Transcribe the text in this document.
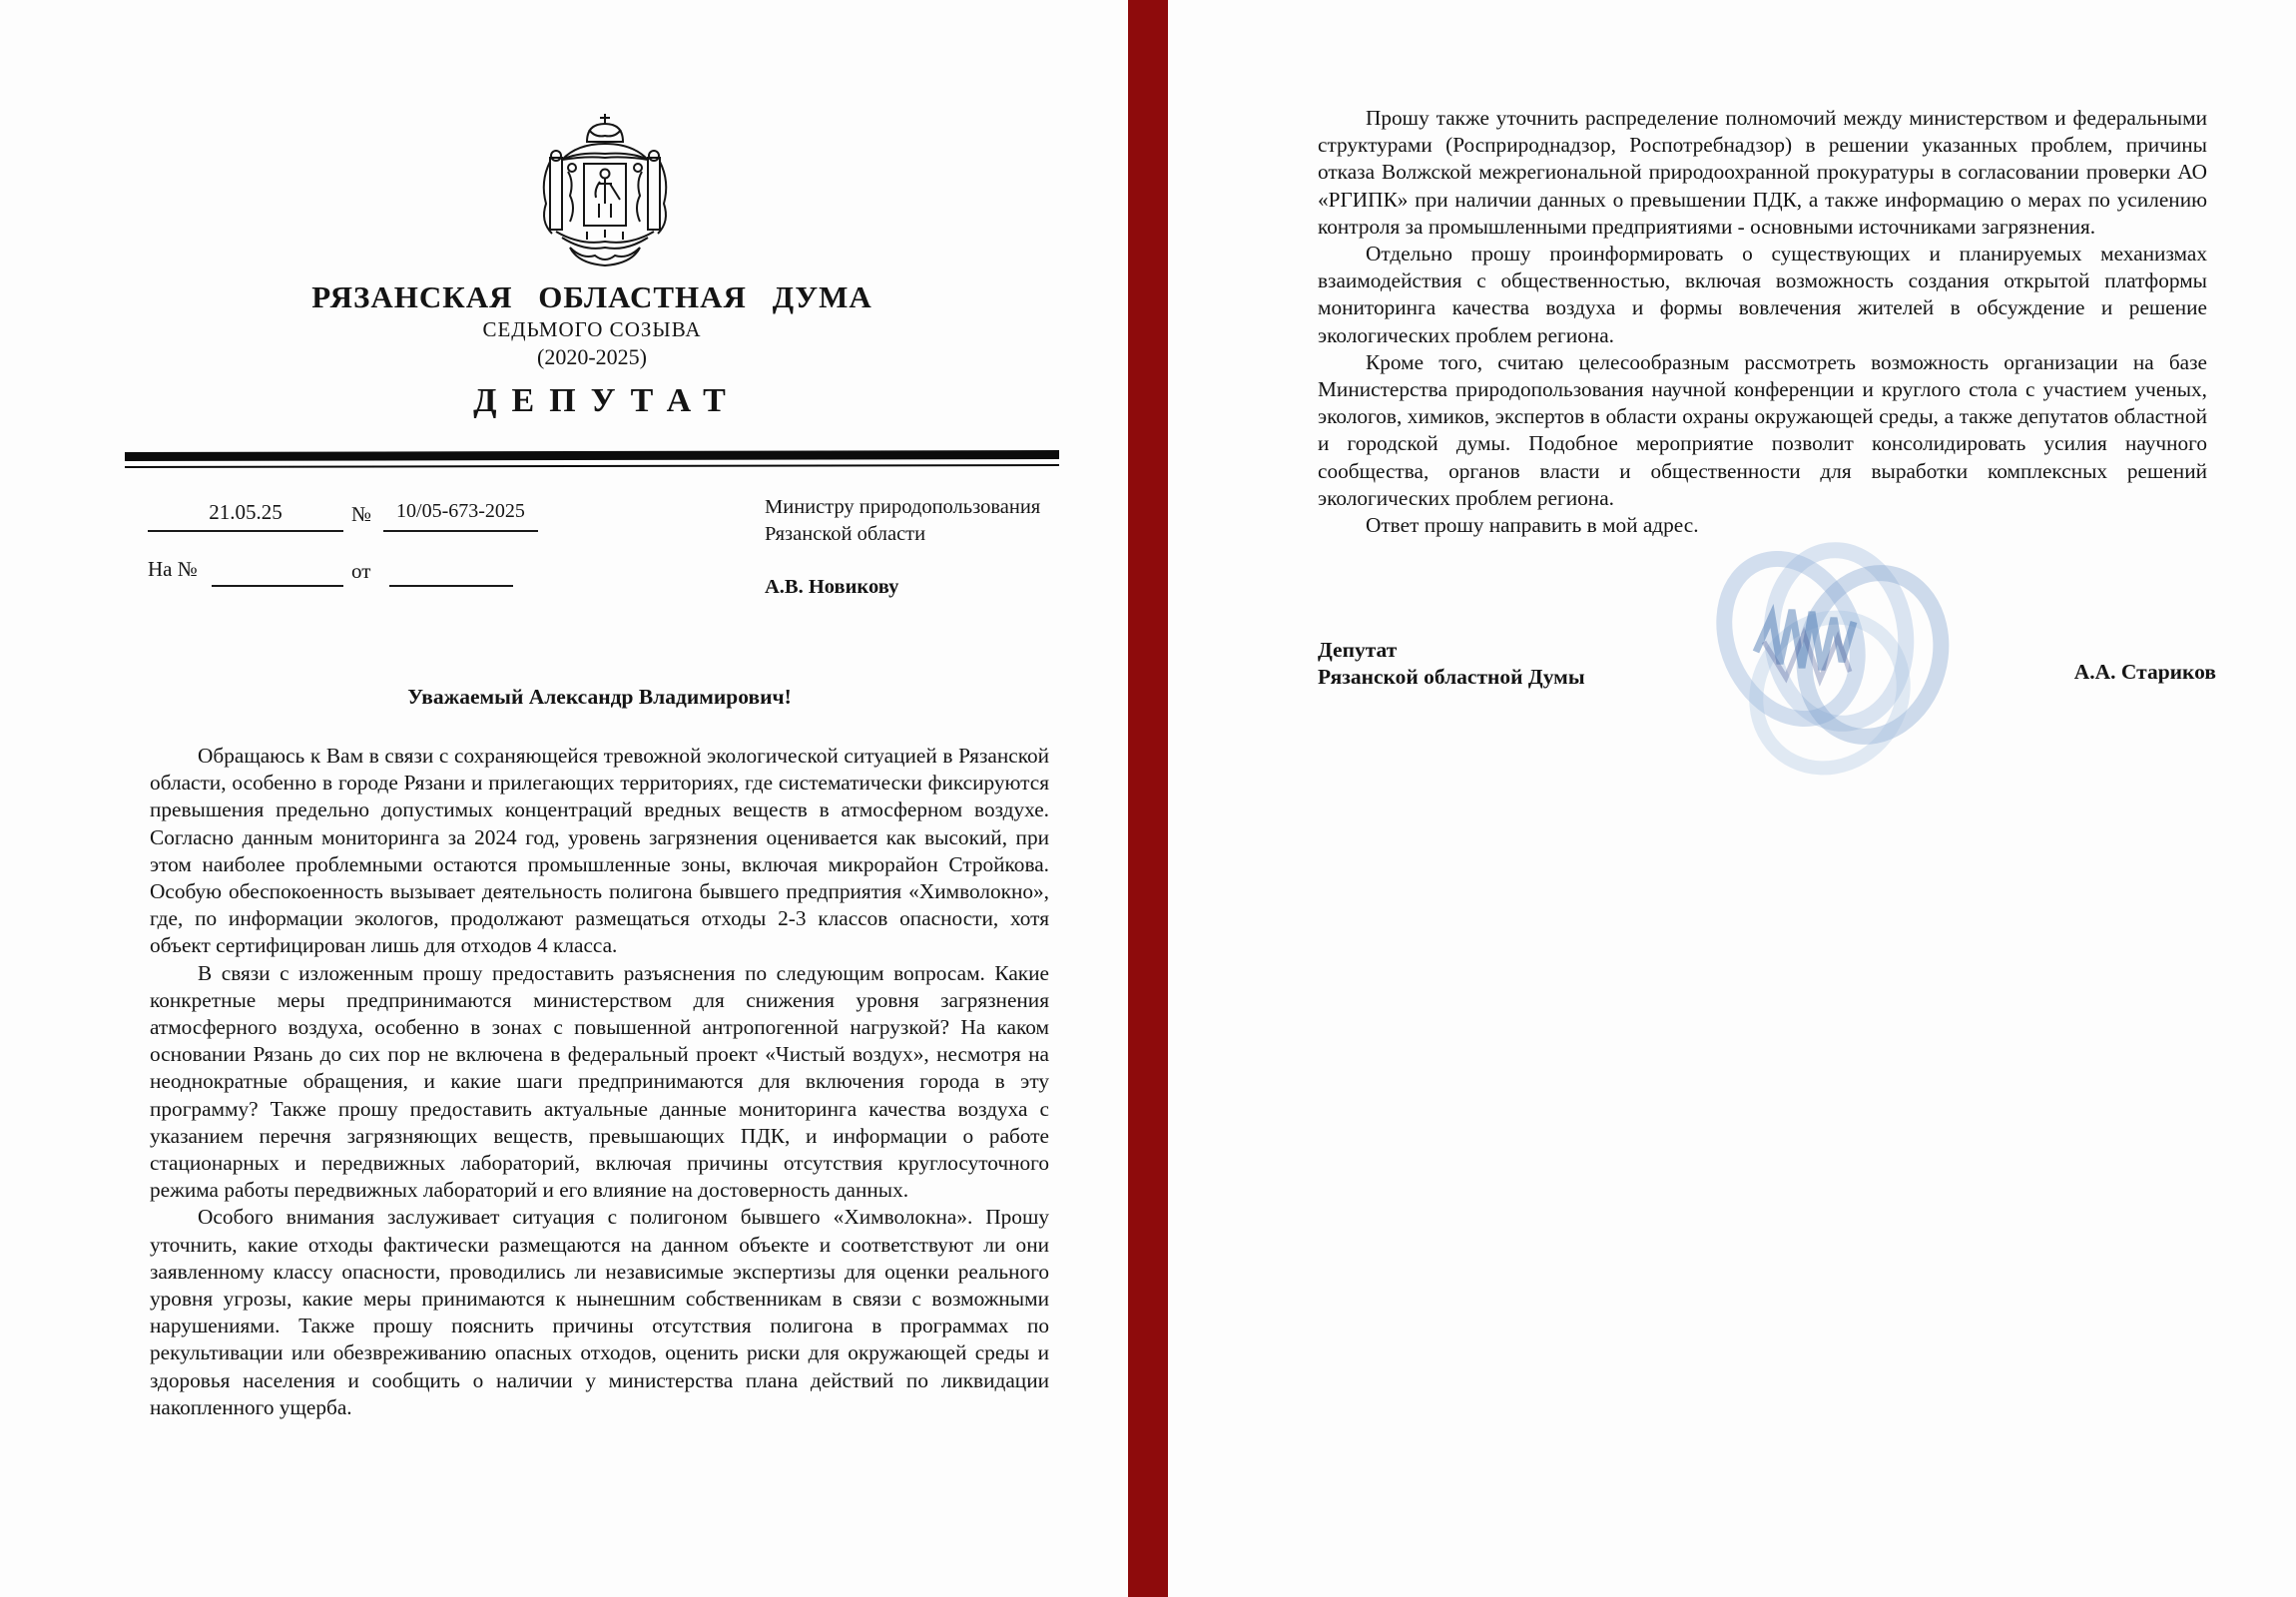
РЯЗАНСКАЯ ОБЛАСТНАЯ ДУМА
СЕДЬМОГО СОЗЫВА
(2020-2025)
ДЕПУТАТ
21.05.25	№	10/05-673-2025
На №	от
Министру природопользования
Рязанской области
А.В. Новикову
Уважаемый Александр Владимирович!

Обращаюсь к Вам в связи с сохраняющейся тревожной экологической ситуацией в Рязанской области, особенно в городе Рязани и прилегающих территориях, где систематически фиксируются превышения предельно допустимых концентраций вредных веществ в атмосферном воздухе. Согласно данным мониторинга за 2024 год, уровень загрязнения оценивается как высокий, при этом наиболее проблемными остаются промышленные зоны, включая микрорайон Стройкова. Особую обеспокоенность вызывает деятельность полигона бывшего предприятия «Химволокно», где, по информации экологов, продолжают размещаться отходы 2-3 классов опасности, хотя объект сертифицирован лишь для отходов 4 класса.

В связи с изложенным прошу предоставить разъяснения по следующим вопросам. Какие конкретные меры предпринимаются министерством для снижения уровня загрязнения атмосферного воздуха, особенно в зонах с повышенной антропогенной нагрузкой? На каком основании Рязань до сих пор не включена в федеральный проект «Чистый воздух», несмотря на неоднократные обращения, и какие шаги предпринимаются для включения города в эту программу? Также прошу предоставить актуальные данные мониторинга качества воздуха с указанием перечня загрязняющих веществ, превышающих ПДК, и информации о работе стационарных и передвижных лабораторий, включая причины отсутствия круглосуточного режима работы передвижных лабораторий и его влияние на достоверность данных.

Особого внимания заслуживает ситуация с полигоном бывшего «Химволокна». Прошу уточнить, какие отходы фактически размещаются на данном объекте и соответствуют ли они заявленному классу опасности, проводились ли независимые экспертизы для оценки реального уровня угрозы, какие меры принимаются к нынешним собственникам в связи с возможными нарушениями. Также прошу пояснить причины отсутствия полигона в программах по рекультивации или обезвреживанию опасных отходов, оценить риски для окружающей среды и здоровья населения и сообщить о наличии у министерства плана действий по ликвидации накопленного ущерба.

Прошу также уточнить распределение полномочий между министерством и федеральными структурами (Росприроднадзор, Роспотребнадзор) в решении указанных проблем, причины отказа Волжской межрегиональной природоохранной прокуратуры в согласовании проверки АО «РГИПК» при наличии данных о превышении ПДК, а также информацию о мерах по усилению контроля за промышленными предприятиями - основными источниками загрязнения.

Отдельно прошу проинформировать о существующих и планируемых механизмах взаимодействия с общественностью, включая возможность создания открытой платформы мониторинга качества воздуха и формы вовлечения жителей в обсуждение и решение экологических проблем региона.

Кроме того, считаю целесообразным рассмотреть возможность организации на базе Министерства природопользования научной конференции и круглого стола с участием ученых, экологов, химиков, экспертов в области охраны окружающей среды, а также депутатов областной и городской думы. Подобное мероприятие позволит консолидировать усилия научного сообщества, органов власти и общественности для выработки комплексных решений экологических проблем региона.

Ответ прошу направить в мой адрес.

Депутат
Рязанской областной Думы	А.А. Стариков
